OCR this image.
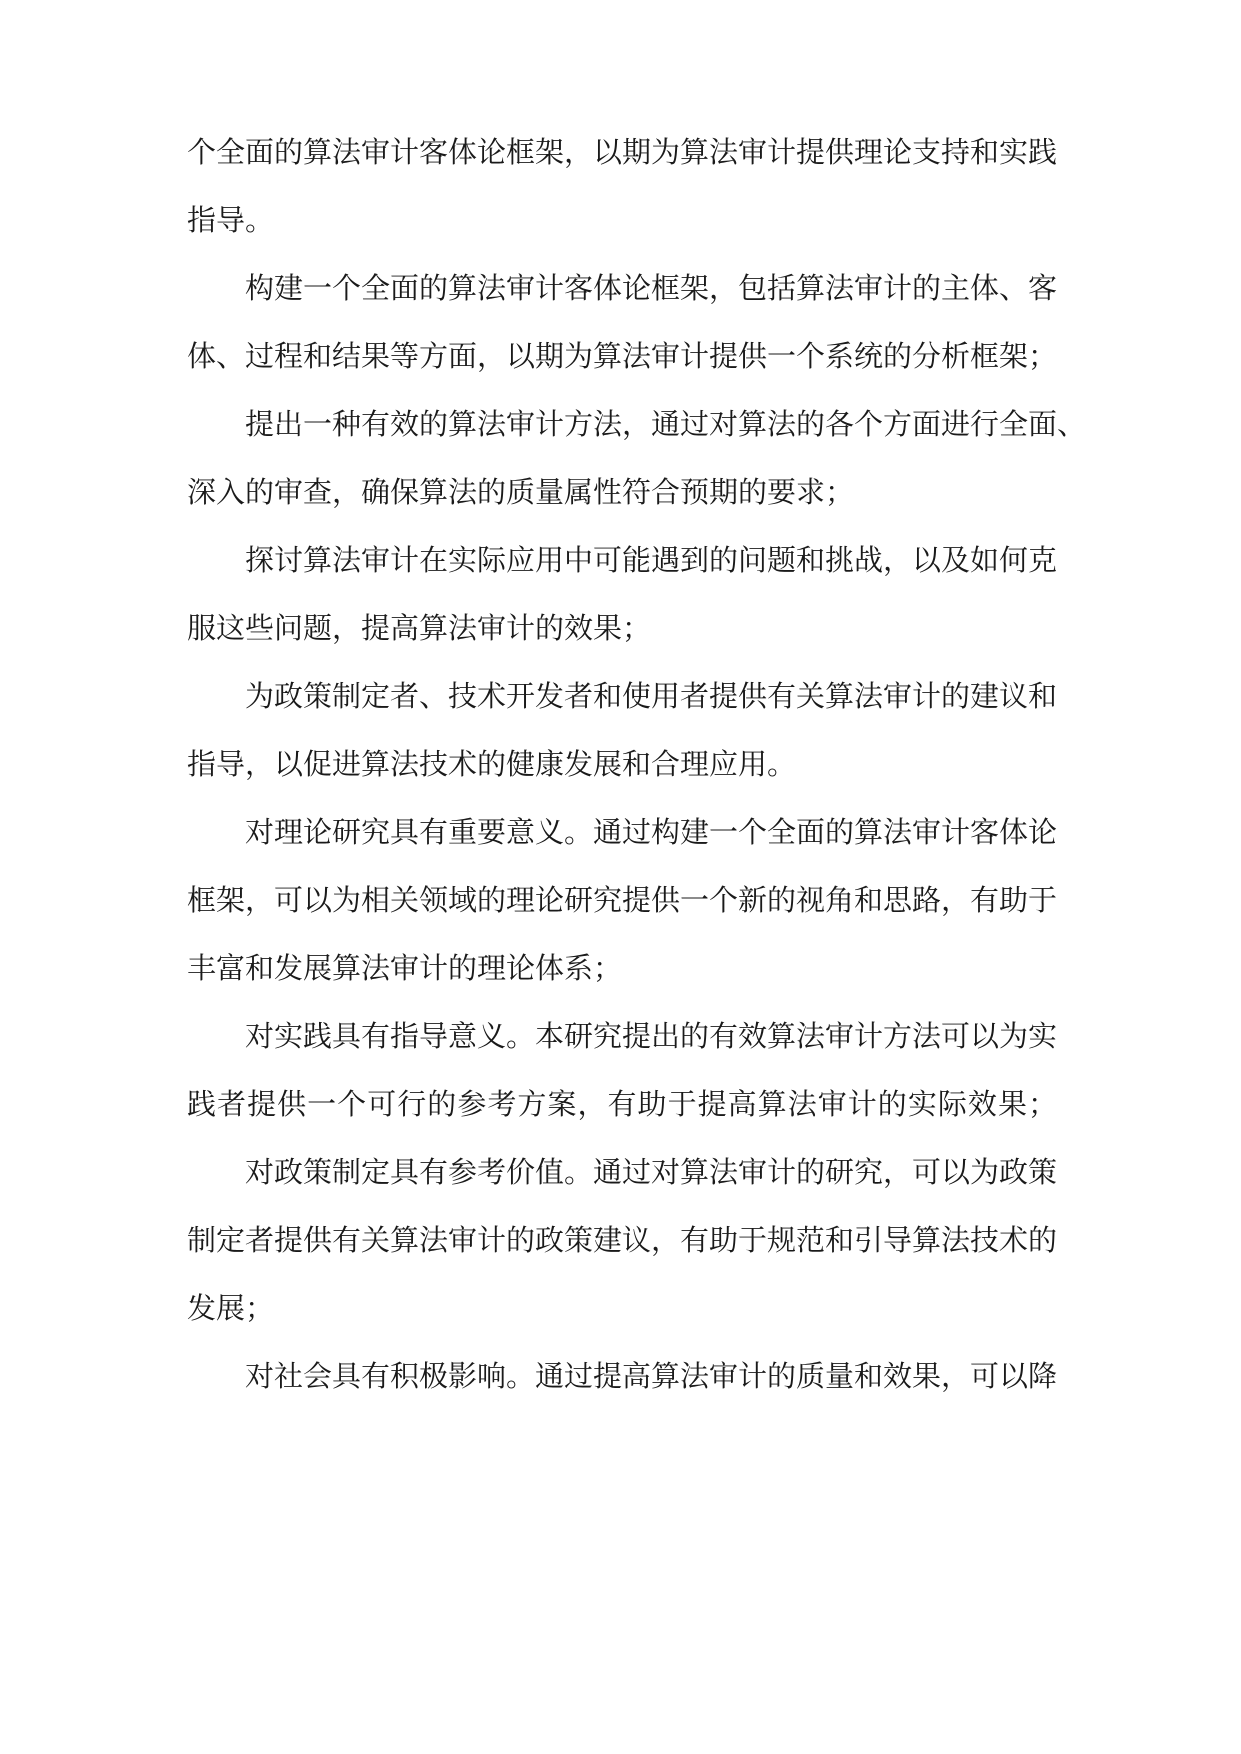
个全面的算法审计客体论框架，以期为算法审计提供理论支持和实践

指导。

构建一个全面的算法审计客体论框架，包括算法审计的主体、客

体、过程和结果等方面，以期为算法审计提供一个系统的分析框架；

提出一种有效的算法审计方法，通过对算法的各个方面进行全面、

深入的审查，确保算法的质量属性符合预期的要求；

探讨算法审计在实际应用中可能遇到的问题和挑战，以及如何克

服这些问题，提高算法审计的效果；

为政策制定者、技术开发者和使用者提供有关算法审计的建议和

指导，以促进算法技术的健康发展和合理应用。

对理论研究具有重要意义。通过构建一个全面的算法审计客体论

框架，可以为相关领域的理论研究提供一个新的视角和思路，有助于

丰富和发展算法审计的理论体系；

对实践具有指导意义。本研究提出的有效算法审计方法可以为实

践者提供一个可行的参考方案，有助于提高算法审计的实际效果；

对政策制定具有参考价值。通过对算法审计的研究，可以为政策

制定者提供有关算法审计的政策建议，有助于规范和引导算法技术的

发展；

对社会具有积极影响。通过提高算法审计的质量和效果，可以降
